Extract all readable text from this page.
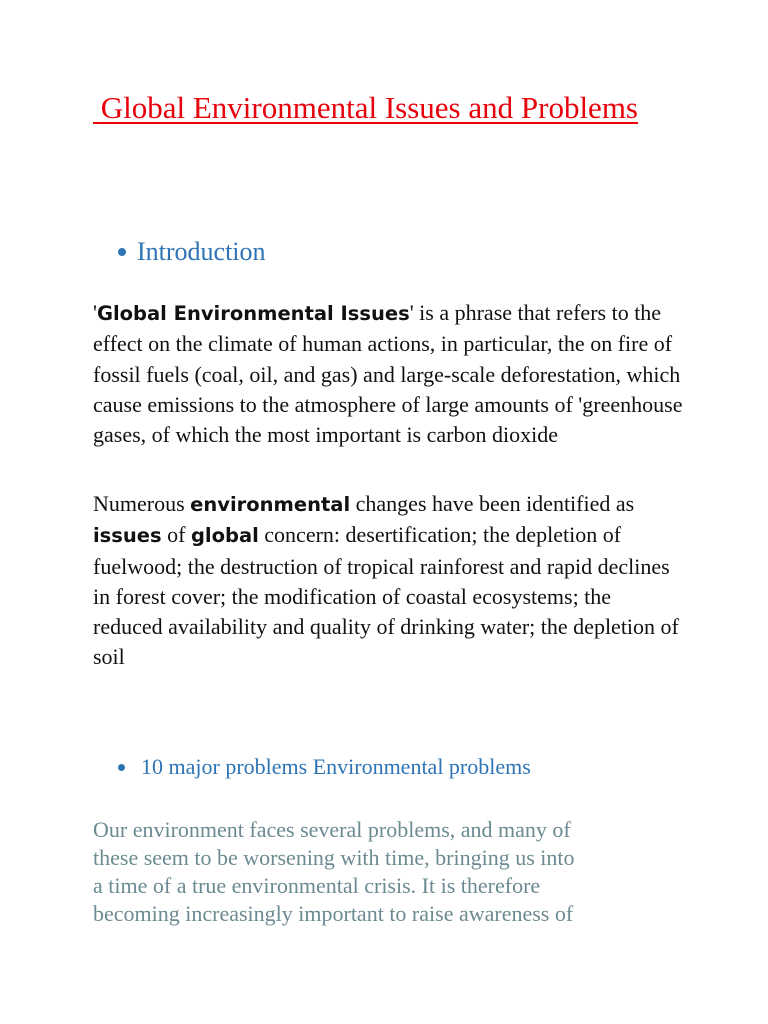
Global Environmental Issues and Problems
Introduction

'Global Environmental Issues' is a phrase that refers to the effect on the climate of human actions, in particular, the on fire of fossil fuels (coal, oil, and gas) and large-scale deforestation, which cause emissions to the atmosphere of large amounts of 'greenhouse gases, of which the most important is carbon dioxide

Numerous environmental changes have been identified as issues of global concern: desertification; the depletion of fuelwood; the destruction of tropical rainforest and rapid declines in forest cover; the modification of coastal ecosystems; the reduced availability and quality of drinking water; the depletion of soil

10 major problems Environmental problems

Our environment faces several problems, and many of
these seem to be worsening with time, bringing us into
a time of a true environmental crisis. It is therefore
becoming increasingly important to raise awareness of
